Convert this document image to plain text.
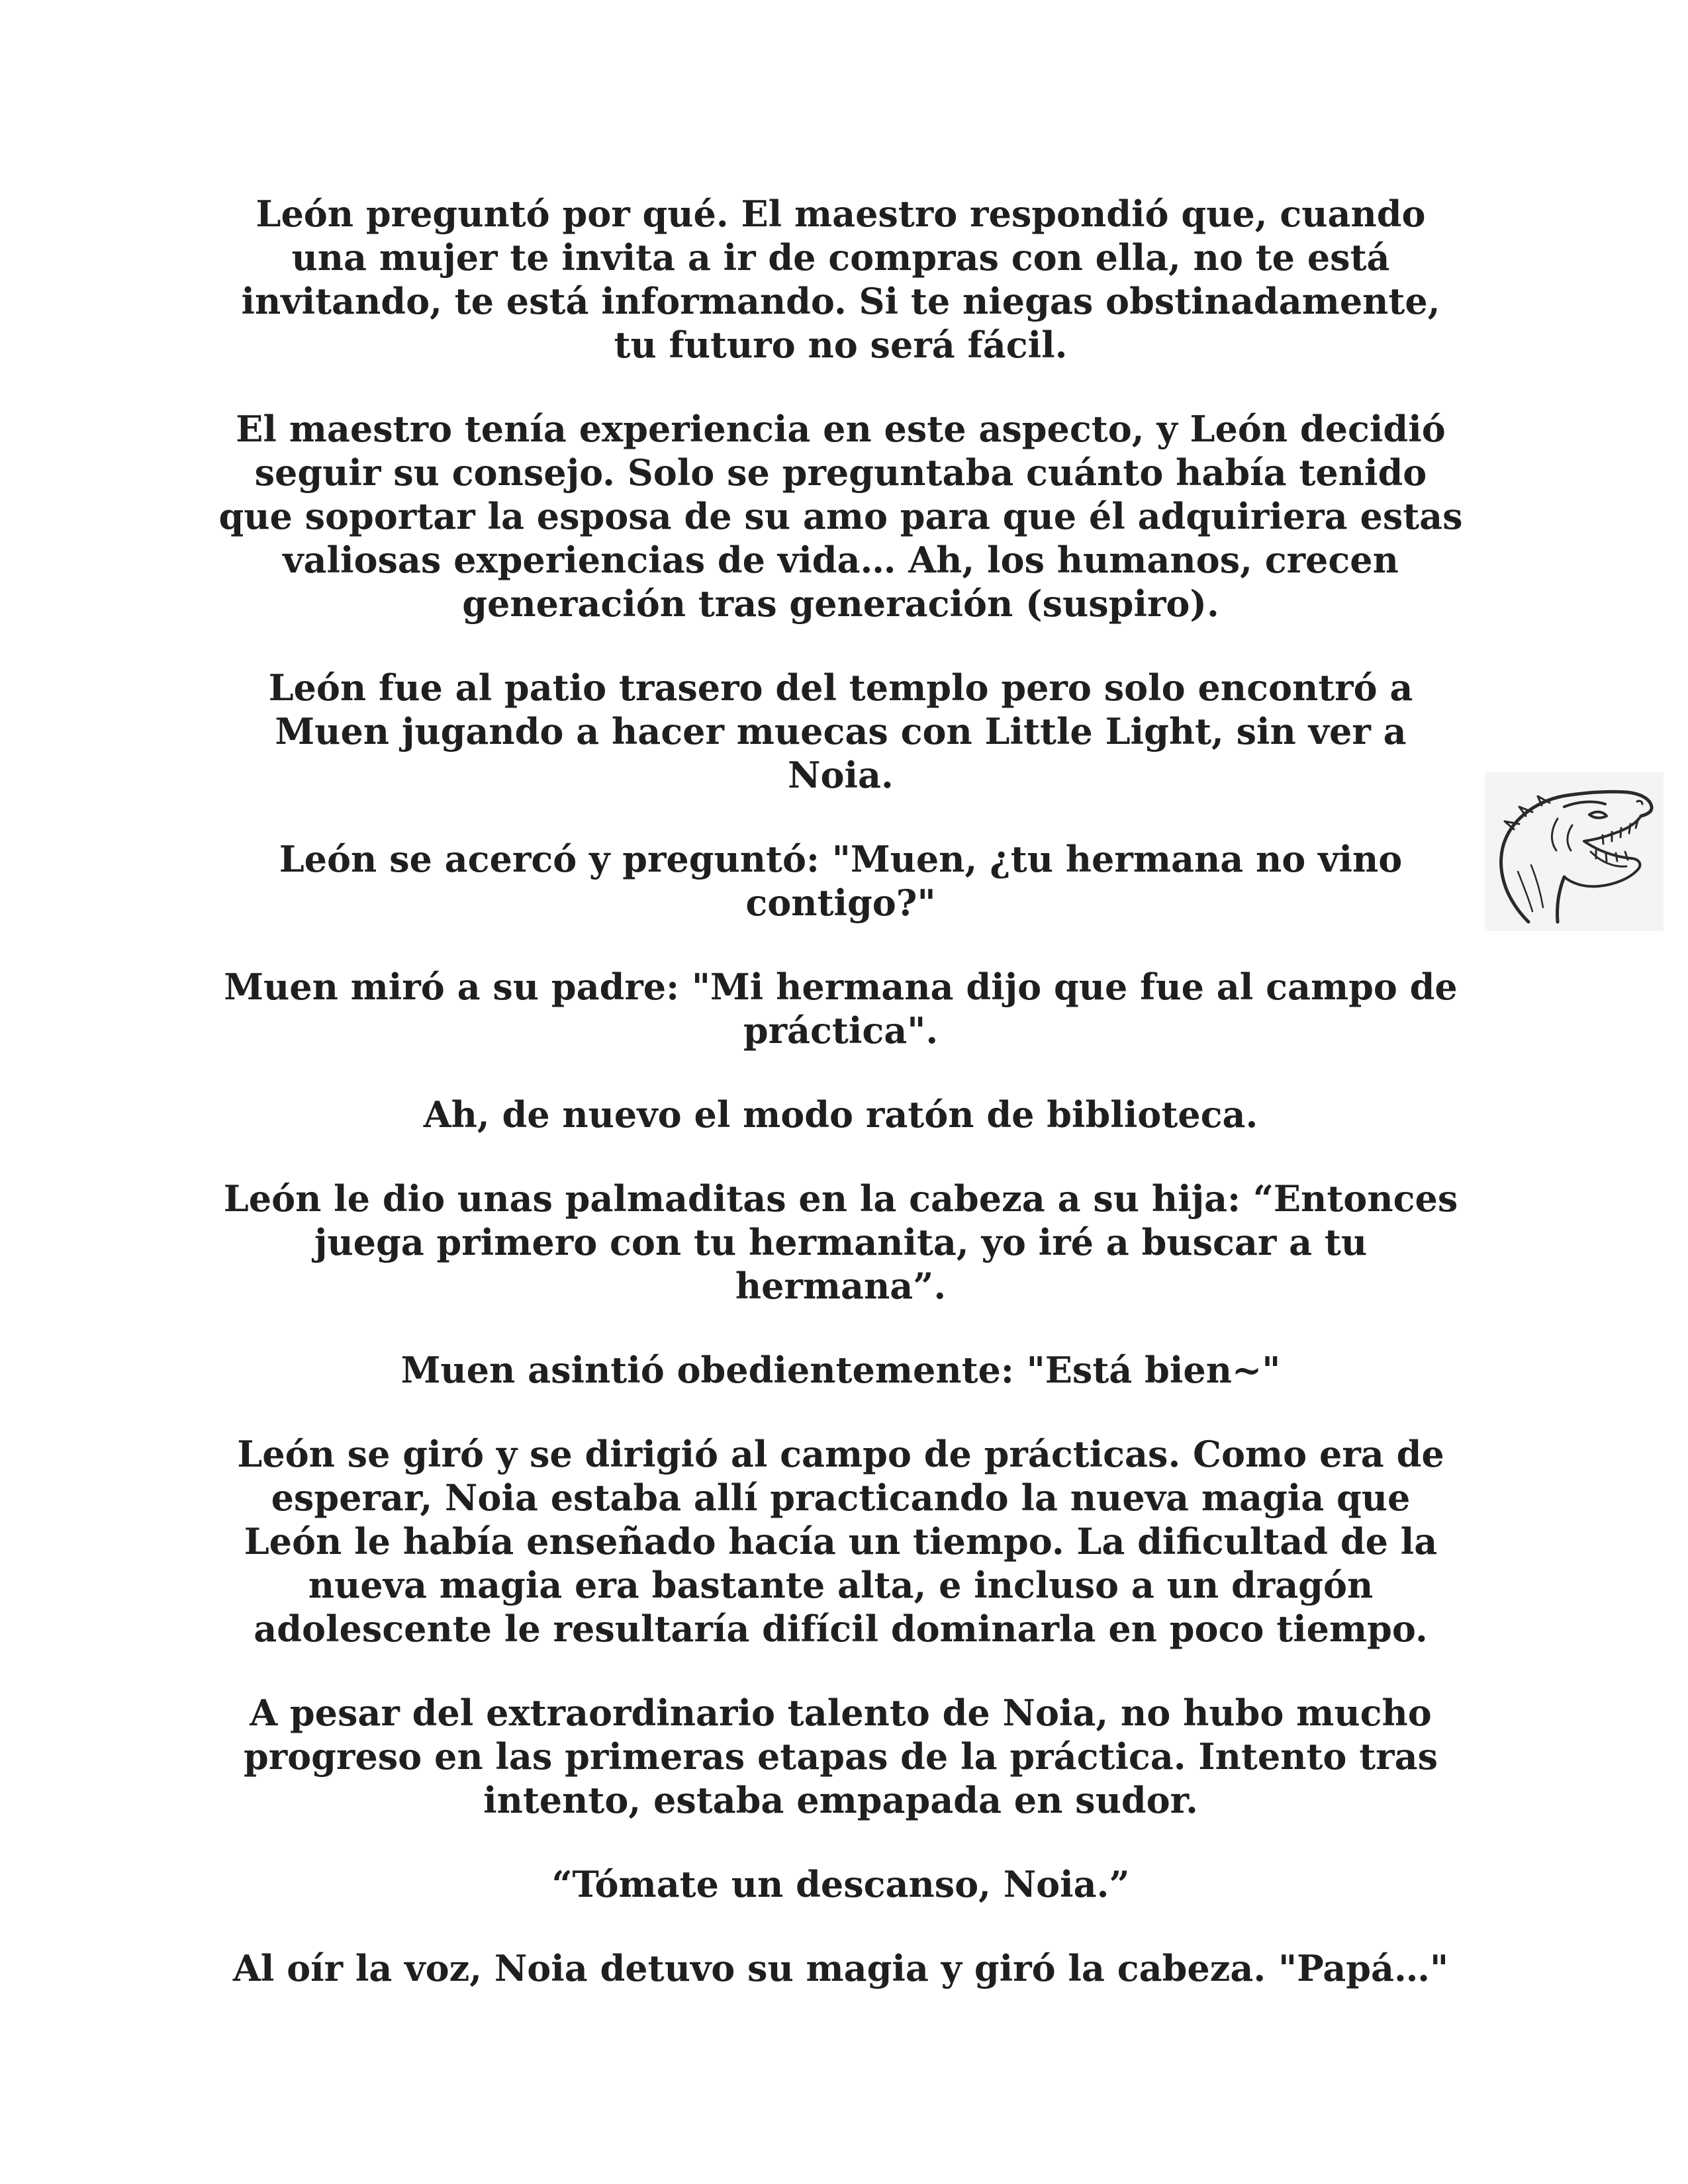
León preguntó por qué. El maestro respondió que, cuando una mujer te invita a ir de compras con ella, no te está invitando, te está informando. Si te niegas obstinadamente, tu futuro no será fácil.

El maestro tenía experiencia en este aspecto, y León decidió seguir su consejo. Solo se preguntaba cuánto había tenido que soportar la esposa de su amo para que él adquiriera estas valiosas experiencias de vida… Ah, los humanos, crecen generación tras generación (suspiro).

León fue al patio trasero del templo pero solo encontró a Muen jugando a hacer muecas con Little Light, sin ver a Noia.

León se acercó y preguntó: "Muen, ¿tu hermana no vino contigo?"

Muen miró a su padre: "Mi hermana dijo que fue al campo de práctica".

Ah, de nuevo el modo ratón de biblioteca.

León le dio unas palmaditas en la cabeza a su hija: “Entonces juega primero con tu hermanita, yo iré a buscar a tu hermana”.

Muen asintió obedientemente: "Está bien~"

León se giró y se dirigió al campo de prácticas. Como era de esperar, Noia estaba allí practicando la nueva magia que León le había enseñado hacía un tiempo. La dificultad de la nueva magia era bastante alta, e incluso a un dragón adolescente le resultaría difícil dominarla en poco tiempo.

A pesar del extraordinario talento de Noia, no hubo mucho progreso en las primeras etapas de la práctica. Intento tras intento, estaba empapada en sudor.

“Tómate un descanso, Noia.”

Al oír la voz, Noia detuvo su magia y giró la cabeza. "Papá…"
